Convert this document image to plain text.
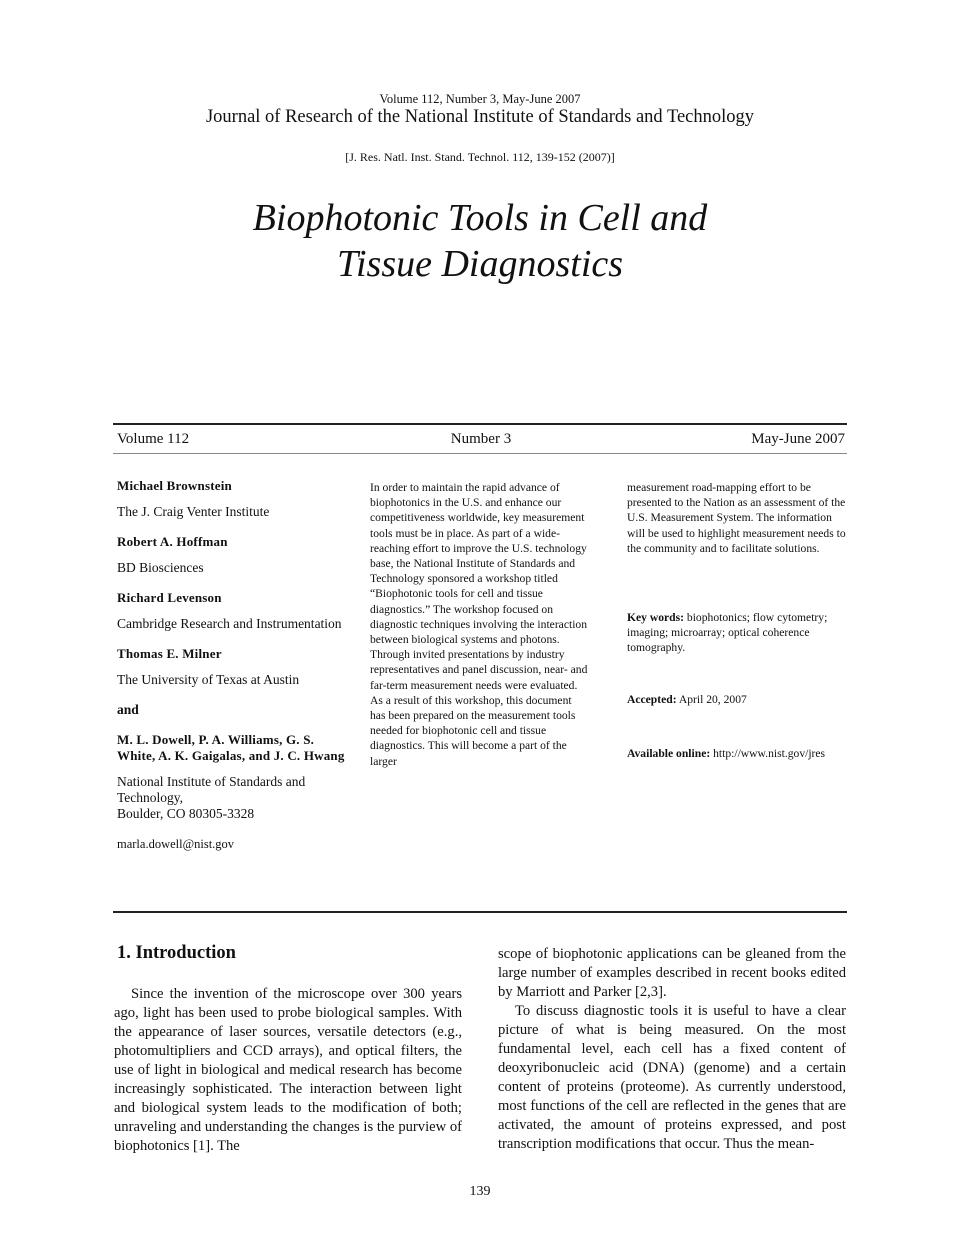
Volume 112, Number 3, May-June 2007
Journal of Research of the National Institute of Standards and Technology
[J. Res. Natl. Inst. Stand. Technol. 112, 139-152 (2007)]
Biophotonic Tools in Cell and
Tissue Diagnostics
Volume 112	Number 3	May-June 2007
Michael Brownstein
The J. Craig Venter Institute
Robert A. Hoffman
BD Biosciences
Richard Levenson
Cambridge Research and Instrumentation
Thomas E. Milner
The University of Texas at Austin
and
M. L. Dowell, P. A. Williams, G. S. White, A. K. Gaigalas, and J. C. Hwang
National Institute of Standards and Technology,
Boulder, CO 80305-3328
marla.dowell@nist.gov
In order to maintain the rapid advance of biophotonics in the U.S. and enhance our competitiveness worldwide, key measurement tools must be in place. As part of a wide-reaching effort to improve the U.S. technology base, the National Institute of Standards and Technology sponsored a workshop titled “Biophotonic tools for cell and tissue diagnostics.” The workshop focused on diagnostic techniques involving the interaction between biological systems and photons. Through invited presentations by industry representatives and panel discussion, near- and far-term measurement needs were evaluated. As a result of this workshop, this document has been prepared on the measurement tools needed for biophotonic cell and tissue diagnostics. This will become a part of the larger
measurement road-mapping effort to be presented to the Nation as an assessment of the U.S. Measurement System. The information will be used to highlight measurement needs to the community and to facilitate solutions.
Key words: biophotonics; flow cytometry; imaging; microarray; optical coherence tomography.
Accepted: April 20, 2007
Available online: http://www.nist.gov/jres
1. Introduction

Since the invention of the microscope over 300 years ago, light has been used to probe biological samples. With the appearance of laser sources, versatile detectors (e.g., photomultipliers and CCD arrays), and optical filters, the use of light in biological and medical research has become increasingly sophisticated. The interaction between light and biological system leads to the modification of both; unraveling and understanding the changes is the purview of biophotonics [1]. The

scope of biophotonic applications can be gleaned from the large number of examples described in recent books edited by Marriott and Parker [2,3].

To discuss diagnostic tools it is useful to have a clear picture of what is being measured. On the most fundamental level, each cell has a fixed content of deoxyribonucleic acid (DNA) (genome) and a certain content of proteins (proteome). As currently understood, most functions of the cell are reflected in the genes that are activated, the amount of proteins expressed, and post transcription modifications that occur. Thus the mean-

139
